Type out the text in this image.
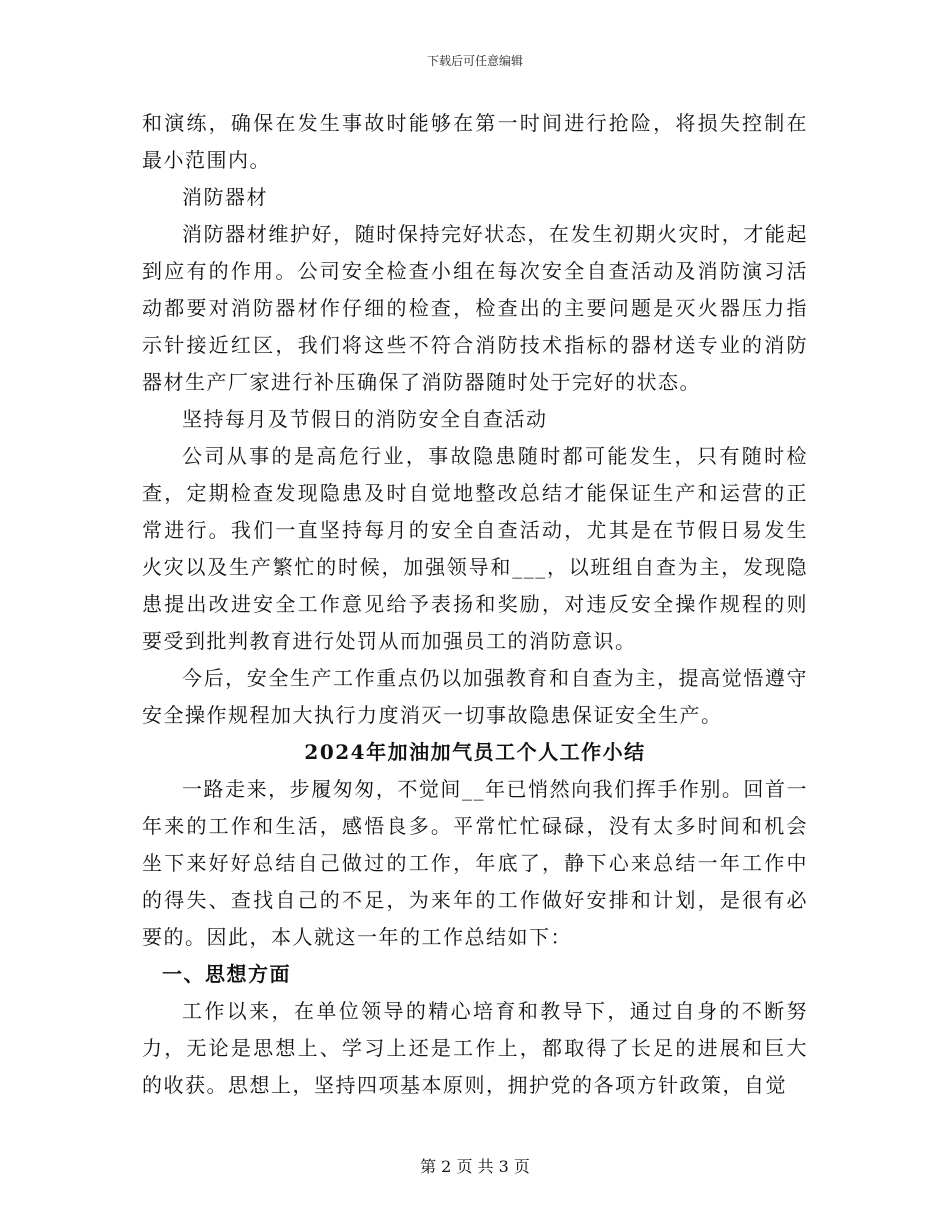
下载后可任意编辑

和演练，确保在发生事故时能够在第一时间进行抢险，将损失控制在最小范围内。

消防器材

消防器材维护好，随时保持完好状态，在发生初期火灾时，才能起到应有的作用。公司安全检查小组在每次安全自查活动及消防演习活动都要对消防器材作仔细的检查，检查出的主要问题是灭火器压力指示针接近红区，我们将这些不符合消防技术指标的器材送专业的消防器材生产厂家进行补压确保了消防器随时处于完好的状态。

坚持每月及节假日的消防安全自查活动

公司从事的是高危行业，事故隐患随时都可能发生，只有随时检查，定期检查发现隐患及时自觉地整改总结才能保证生产和运营的正常进行。我们一直坚持每月的安全自查活动，尤其是在节假日易发生火灾以及生产繁忙的时候，加强领导和___，以班组自查为主，发现隐患提出改进安全工作意见给予表扬和奖励，对违反安全操作规程的则要受到批判教育进行处罚从而加强员工的消防意识。

今后，安全生产工作重点仍以加强教育和自查为主，提高觉悟遵守安全操作规程加大执行力度消灭一切事故隐患保证安全生产。

2024年加油加气员工个人工作小结

一路走来，步履匆匆，不觉间__年已悄然向我们挥手作别。回首一年来的工作和生活，感悟良多。平常忙忙碌碌，没有太多时间和机会坐下来好好总结自己做过的工作，年底了，静下心来总结一年工作中的得失、查找自己的不足，为来年的工作做好安排和计划，是很有必要的。因此，本人就这一年的工作总结如下：

一、思想方面

工作以来，在单位领导的精心培育和教导下，通过自身的不断努力，无论是思想上、学习上还是工作上，都取得了长足的进展和巨大的收获。思想上，坚持四项基本原则，拥护党的各项方针政策，自觉

第 2 页 共 3 页
